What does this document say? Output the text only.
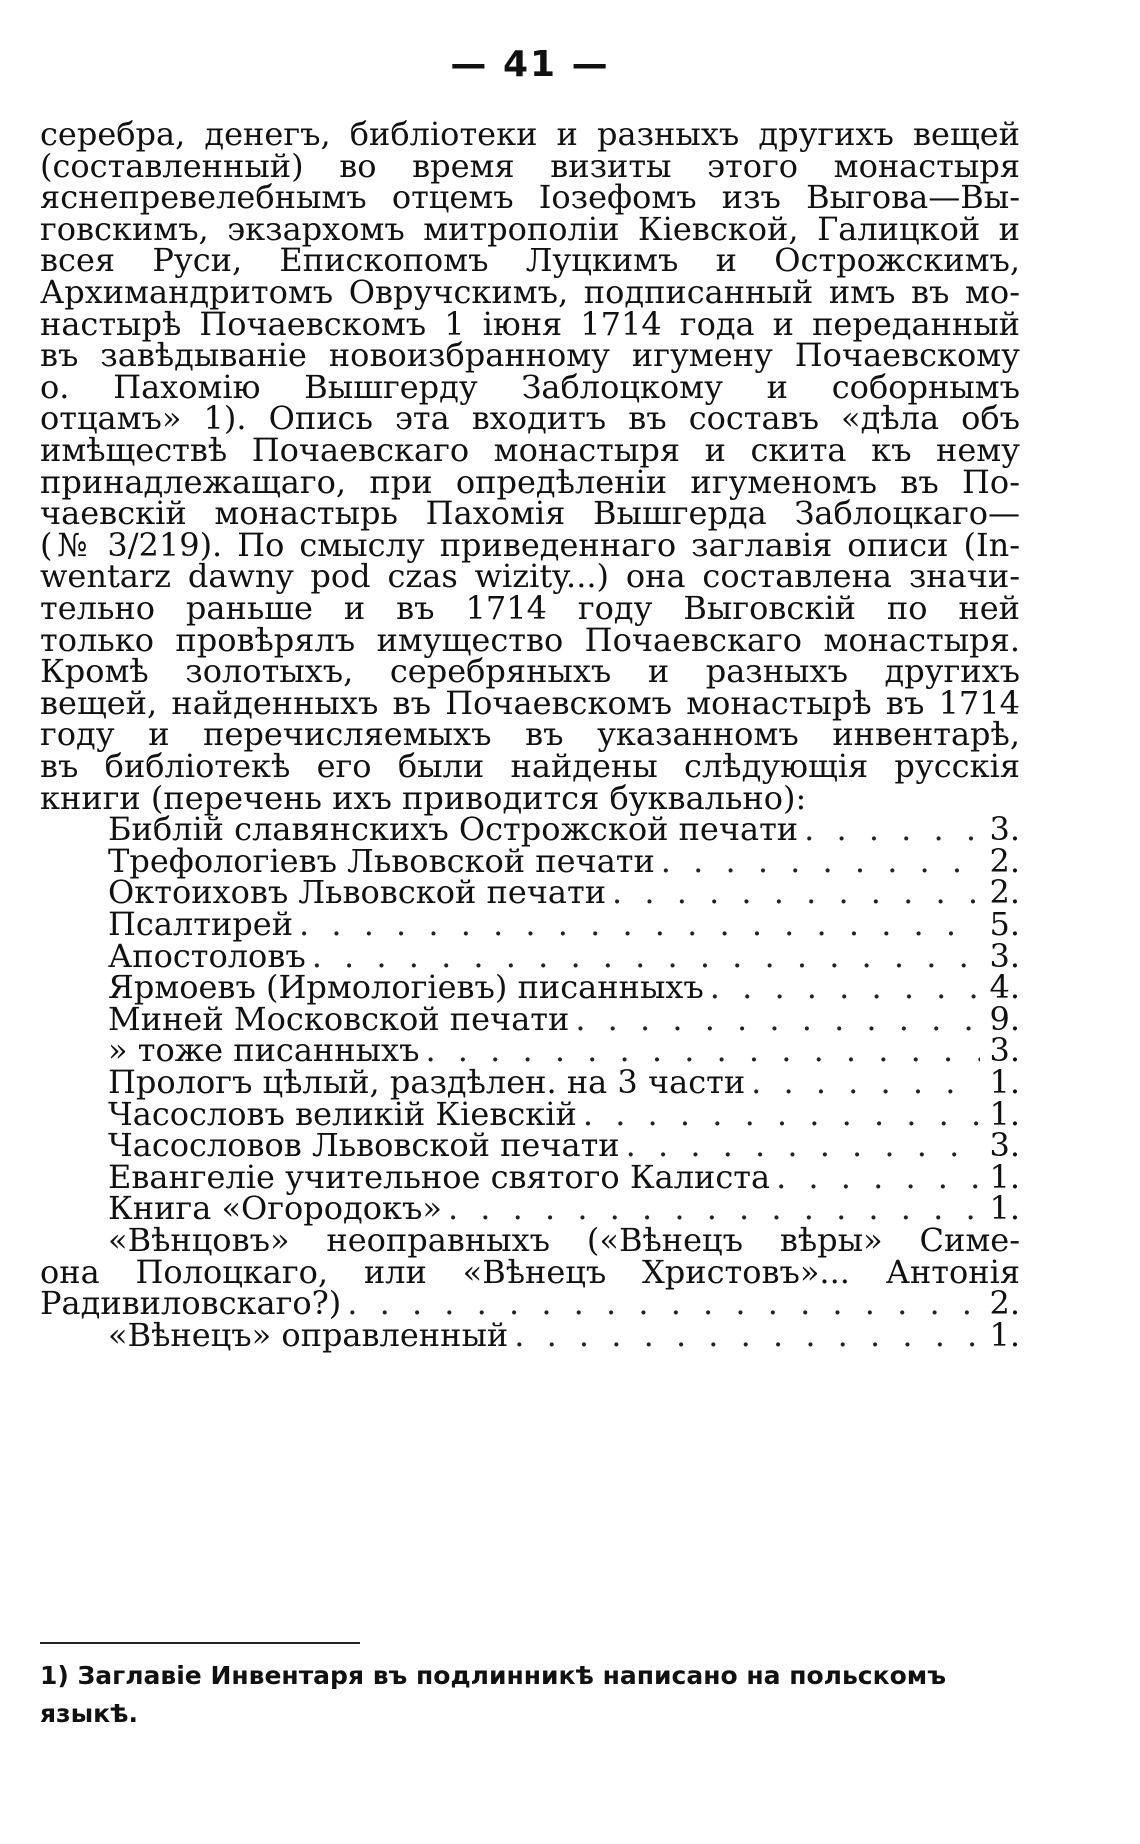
— 41 —
серебра, денегъ, библіотеки и разныхъ другихъ вещей
(составленный) во время визиты этого монастыря
яснепревелебнымъ отцемъ Іозефомъ изъ Выгова—Вы-
говскимъ, экзархомъ митрополіи Кіевской, Галицкой и
всея Руси, Епископомъ Луцкимъ и Острожскимъ,
Архимандритомъ Овручскимъ, подписанный имъ въ мо-
настырѣ Почаевскомъ 1 іюня 1714 года и переданный
въ завѣдываніе новоизбранному игумену Почаевскому
о. Пахомію Вышгерду Заблоцкому и соборнымъ
отцамъ» 1). Опись эта входитъ въ составъ «дѣла объ
имѣществѣ Почаевскаго монастыря и скита къ нему
принадлежащаго, при опредѣленіи игуменомъ въ По-
чаевскій монастырь Пахомія Вышгерда Заблоцкаго—
(№ 3/219). По смыслу приведеннаго заглавія описи (In-
wentarz dawny pod czas wizity...) она составлена значи-
тельно раньше и въ 1714 году Выговскій по ней
только провѣрялъ имущество Почаевскаго монастыря.
Кромѣ золотыхъ, серебряныхъ и разныхъ другихъ
вещей, найденныхъ въ Почаевскомъ монастырѣ въ 1714
году и перечисляемыхъ въ указанномъ инвентарѣ,
въ библіотекѣ его были найдены слѣдующія русскія
книги (перечень ихъ приводится буквально):
Библій славянскихъ Острожской печати . . .	3.
Трефологіевъ Львовской печати . . .	2.
Октоиховъ Львовской печати . . .	2.
Псалтирей . . .	5.
Апостоловъ . . .	3.
Ярмоевъ (Ирмологіевъ) писанныхъ . . .	4.
Миней Московской печати . . .	9.
» тоже писанныхъ . . .	3.
Прологъ цѣлый, раздѣлен. на 3 части . . .	1.
Часословъ великій Кіевскій . . .	1.
Часословов Львовской печати . . .	3.
Евангеліе учительное святого Калиста . . .	1.
Книга «Огородокъ» . . .	1.
«Вѣнцовъ» неоправныхъ («Вѣнецъ вѣры» Симе-
она Полоцкаго, или «Вѣнецъ Христовъ»... Антонія
Радивиловскаго?) . . .	2.
«Вѣнецъ» оправленный . . .	1.
1) Заглавіе Инвентаря въ подлинникѣ написано на польскомъ
языкѣ.
